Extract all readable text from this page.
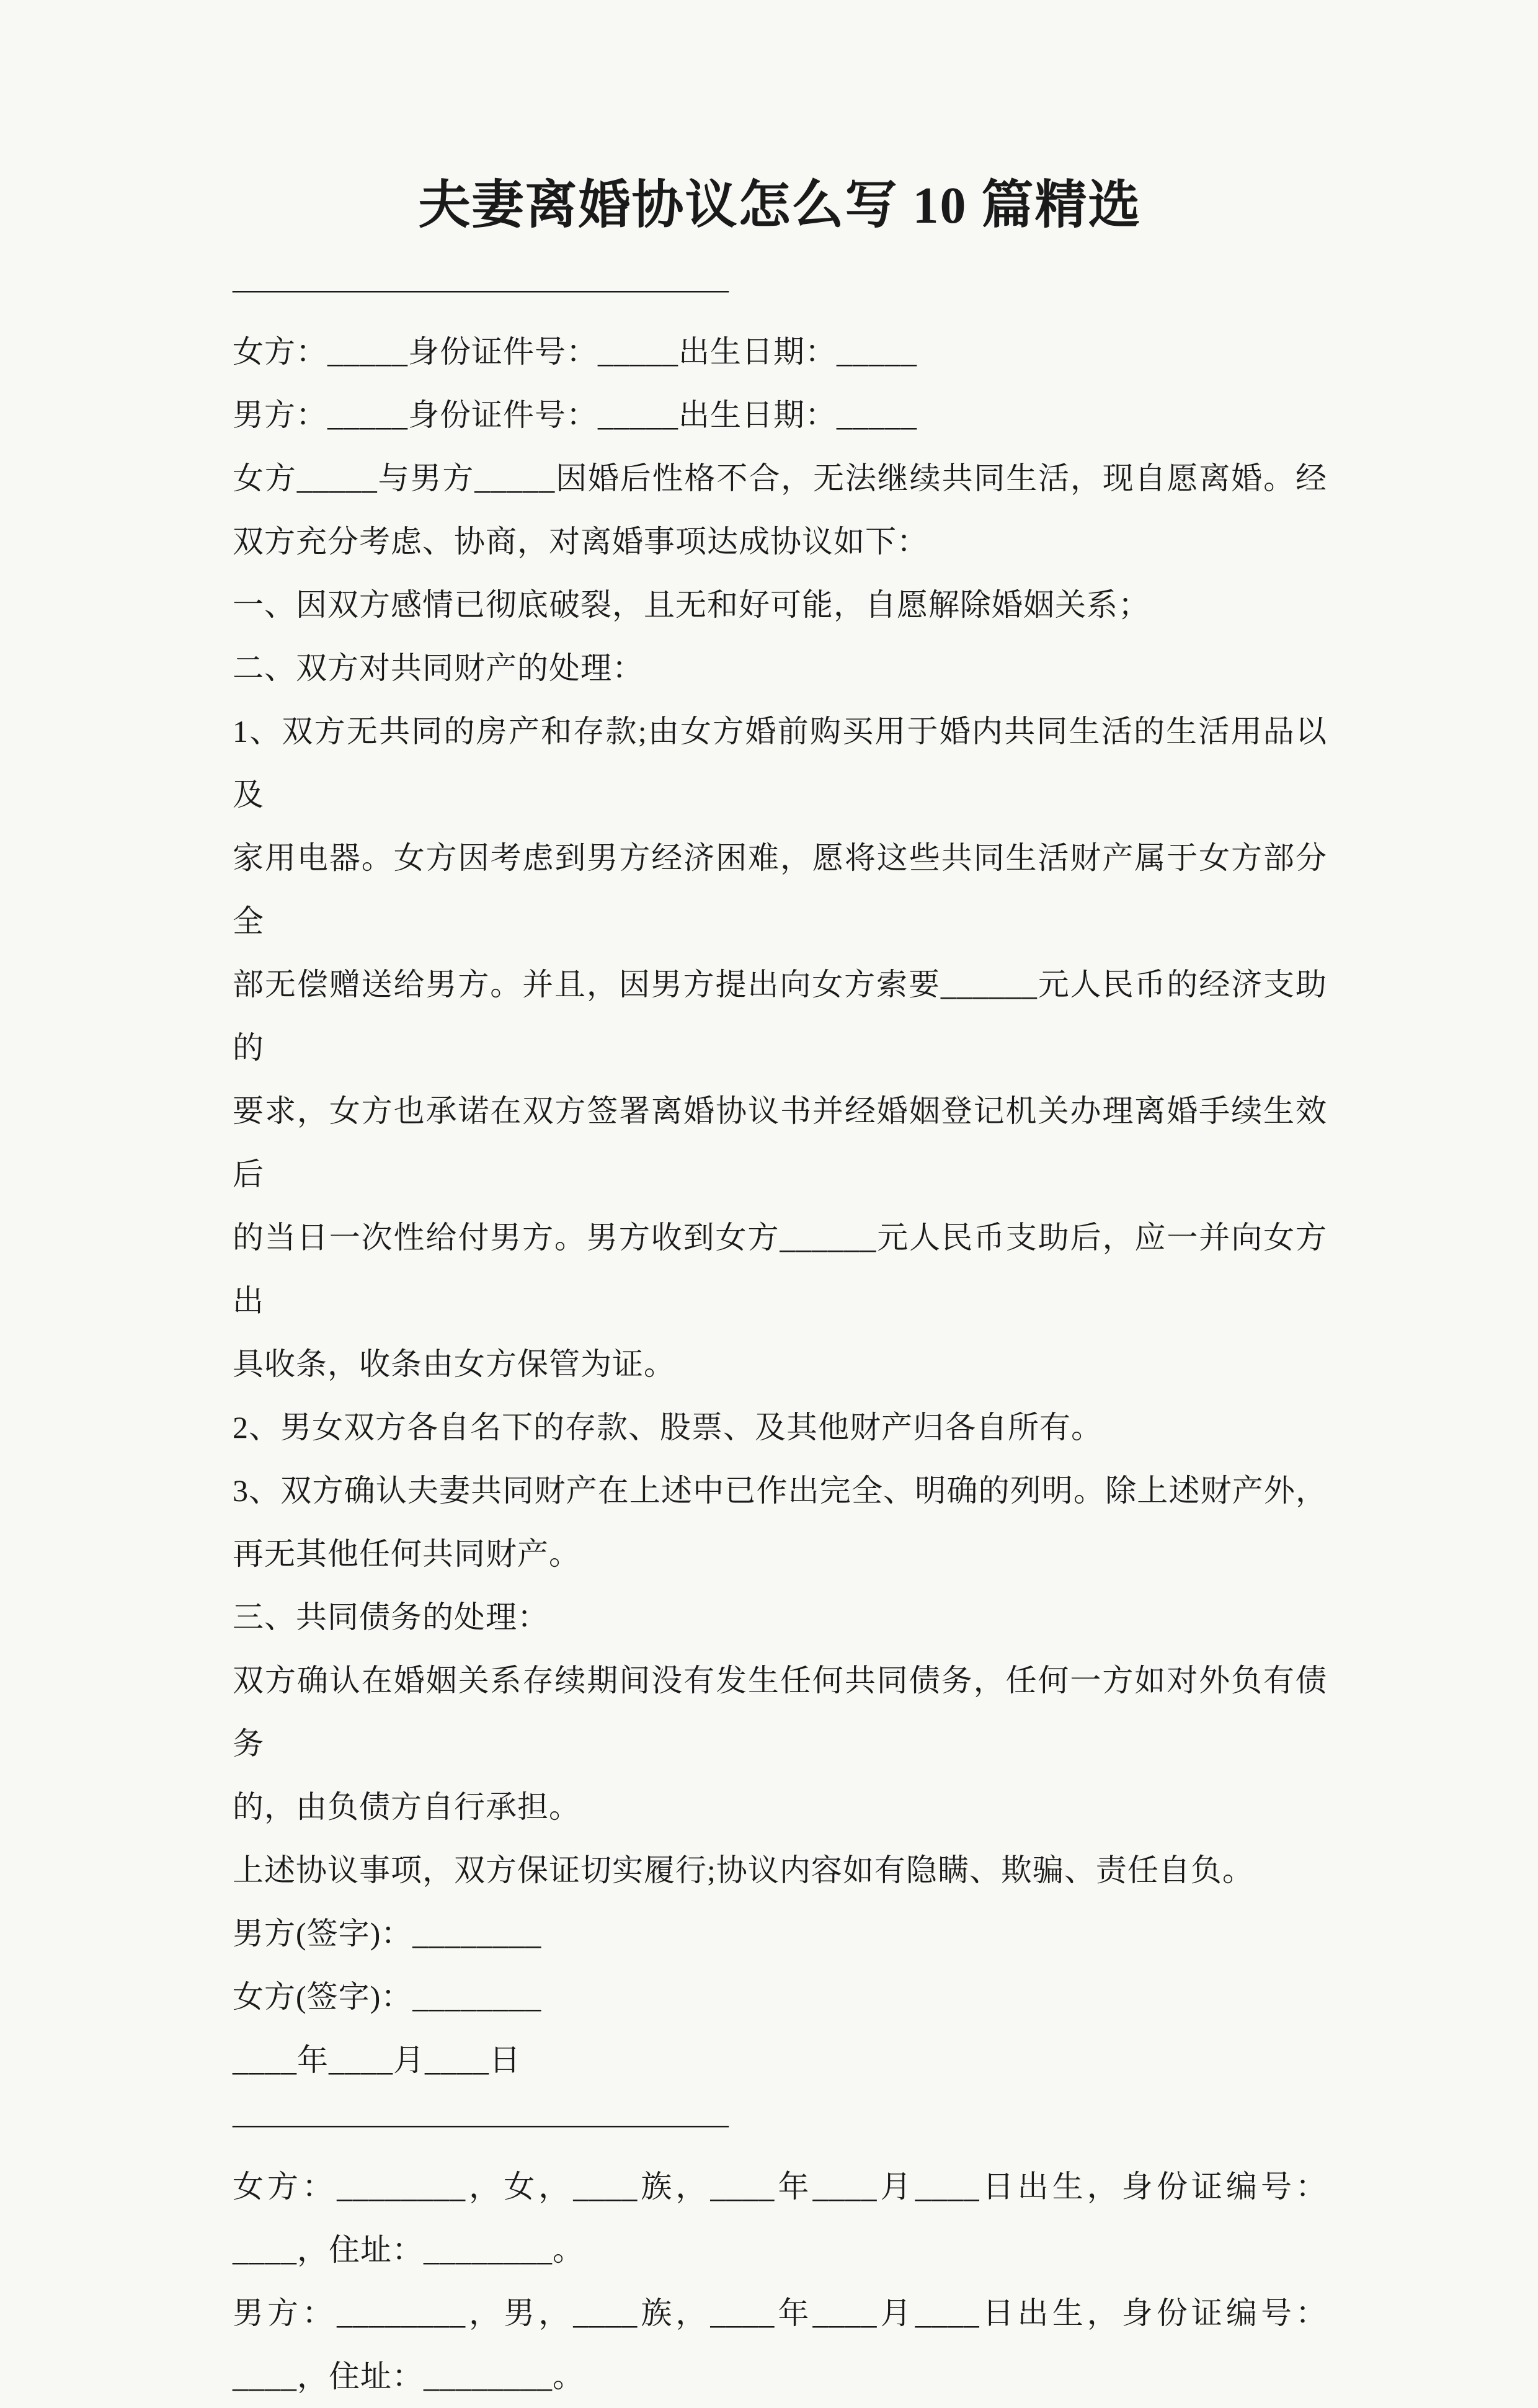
夫妻离婚协议怎么写 10 篇精选
————————————————
女方：_____身份证件号：_____出生日期：_____
男方：_____身份证件号：_____出生日期：_____
女方_____与男方_____因婚后性格不合，无法继续共同生活，现自愿离婚。经
双方充分考虑、协商，对离婚事项达成协议如下：
一、因双方感情已彻底破裂，且无和好可能，自愿解除婚姻关系；
二、双方对共同财产的处理：
1、双方无共同的房产和存款;由女方婚前购买用于婚内共同生活的生活用品以及
家用电器。女方因考虑到男方经济困难，愿将这些共同生活财产属于女方部分全
部无偿赠送给男方。并且，因男方提出向女方索要______元人民币的经济支助的
要求，女方也承诺在双方签署离婚协议书并经婚姻登记机关办理离婚手续生效后
的当日一次性给付男方。男方收到女方______元人民币支助后，应一并向女方出
具收条，收条由女方保管为证。
2、男女双方各自名下的存款、股票、及其他财产归各自所有。
3、双方确认夫妻共同财产在上述中已作出完全、明确的列明。除上述财产外，
再无其他任何共同财产。
三、共同债务的处理：
双方确认在婚姻关系存续期间没有发生任何共同债务，任何一方如对外负有债务
的，由负债方自行承担。
上述协议事项，双方保证切实履行;协议内容如有隐瞒、欺骗、责任自负。
男方(签字)：________
女方(签字)：________
____年____月____日
————————————————
女方：________，女，____族，____年____月____日出生，身份证编号：
____，住址：________。
男方：________，男，____族，____年____月____日出生，身份证编号：
____，住址：________。
